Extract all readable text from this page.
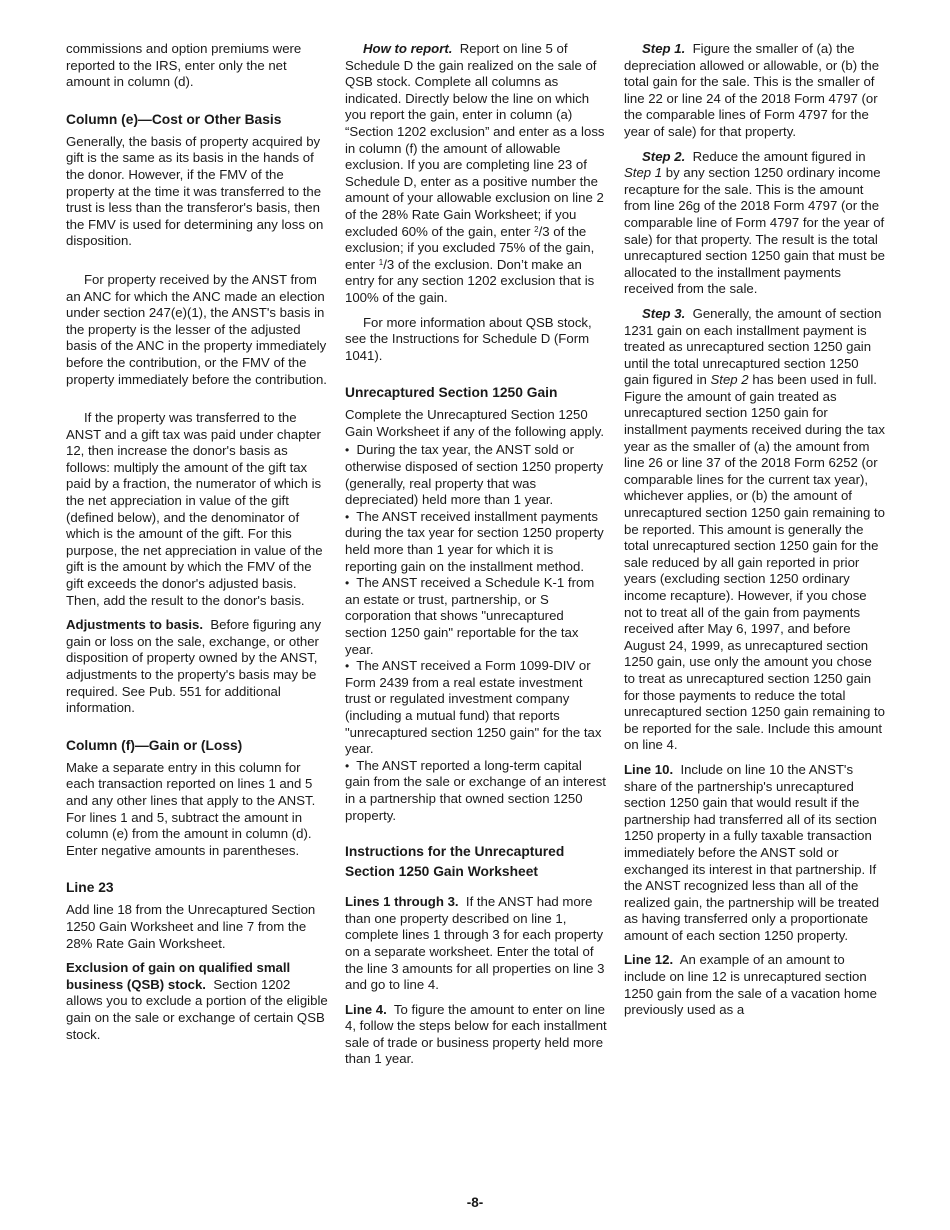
commissions and option premiums were reported to the IRS, enter only the net amount in column (d).

Column (e)—Cost or Other Basis

Generally, the basis of property acquired by gift is the same as its basis in the hands of the donor. However, if the FMV of the property at the time it was transferred to the trust is less than the transferor's basis, then the FMV is used for determining any loss on disposition.

For property received by the ANST from an ANC for which the ANC made an election under section 247(e)(1), the ANST's basis in the property is the lesser of the adjusted basis of the ANC in the property immediately before the contribution, or the FMV of the property immediately before the contribution.

If the property was transferred to the ANST and a gift tax was paid under chapter 12, then increase the donor's basis as follows: multiply the amount of the gift tax paid by a fraction, the numerator of which is the net appreciation in value of the gift (defined below), and the denominator of which is the amount of the gift. For this purpose, the net appreciation in value of the gift is the amount by which the FMV of the gift exceeds the donor's adjusted basis. Then, add the result to the donor's basis.

Adjustments to basis. Before figuring any gain or loss on the sale, exchange, or other disposition of property owned by the ANST, adjustments to the property's basis may be required. See Pub. 551 for additional information.

Column (f)—Gain or (Loss)

Make a separate entry in this column for each transaction reported on lines 1 and 5 and any other lines that apply to the ANST. For lines 1 and 5, subtract the amount in column (e) from the amount in column (d). Enter negative amounts in parentheses.

Line 23

Add line 18 from the Unrecaptured Section 1250 Gain Worksheet and line 7 from the 28% Rate Gain Worksheet.

Exclusion of gain on qualified small business (QSB) stock. Section 1202 allows you to exclude a portion of the eligible gain on the sale or exchange of certain QSB stock.

How to report. Report on line 5 of Schedule D the gain realized on the sale of QSB stock. Complete all columns as indicated. Directly below the line on which you report the gain, enter in column (a) “Section 1202 exclusion” and enter as a loss in column (f) the amount of allowable exclusion. If you are completing line 23 of Schedule D, enter as a positive number the amount of your allowable exclusion on line 2 of the 28% Rate Gain Worksheet; if you excluded 60% of the gain, enter $^2$/3 of the exclusion; if you excluded 75% of the gain, enter $^1$/3 of the exclusion. Don’t make an entry for any section 1202 exclusion that is 100% of the gain.

For more information about QSB stock, see the Instructions for Schedule D (Form 1041).

Unrecaptured Section 1250 Gain

Complete the Unrecaptured Section 1250 Gain Worksheet if any of the following apply.

• During the tax year, the ANST sold or otherwise disposed of section 1250 property (generally, real property that was depreciated) held more than 1 year.

• The ANST received installment payments during the tax year for section 1250 property held more than 1 year for which it is reporting gain on the installment method.

• The ANST received a Schedule K-1 from an estate or trust, partnership, or S corporation that shows "unrecaptured section 1250 gain" reportable for the tax year.

• The ANST received a Form 1099-DIV or Form 2439 from a real estate investment trust or regulated investment company (including a mutual fund) that reports "unrecaptured section 1250 gain" for the tax year.

• The ANST reported a long-term capital gain from the sale or exchange of an interest in a partnership that owned section 1250 property.

Instructions for the Unrecaptured Section 1250 Gain Worksheet

Lines 1 through 3. If the ANST had more than one property described on line 1, complete lines 1 through 3 for each property on a separate worksheet. Enter the total of the line 3 amounts for all properties on line 3 and go to line 4.

Line 4. To figure the amount to enter on line 4, follow the steps below for each installment sale of trade or business property held more than 1 year.

Step 1. Figure the smaller of (a) the depreciation allowed or allowable, or (b) the total gain for the sale. This is the smaller of line 22 or line 24 of the 2018 Form 4797 (or the comparable lines of Form 4797 for the year of sale) for that property.

Step 2. Reduce the amount figured in Step 1 by any section 1250 ordinary income recapture for the sale. This is the amount from line 26g of the 2018 Form 4797 (or the comparable line of Form 4797 for the year of sale) for that property. The result is the total unrecaptured section 1250 gain that must be allocated to the installment payments received from the sale.

Step 3. Generally, the amount of section 1231 gain on each installment payment is treated as unrecaptured section 1250 gain until the total unrecaptured section 1250 gain figured in Step 2 has been used in full. Figure the amount of gain treated as unrecaptured section 1250 gain for installment payments received during the tax year as the smaller of (a) the amount from line 26 or line 37 of the 2018 Form 6252 (or comparable lines for the current tax year), whichever applies, or (b) the amount of unrecaptured section 1250 gain remaining to be reported. This amount is generally the total unrecaptured section 1250 gain for the sale reduced by all gain reported in prior years (excluding section 1250 ordinary income recapture). However, if you chose not to treat all of the gain from payments received after May 6, 1997, and before August 24, 1999, as unrecaptured section 1250 gain, use only the amount you chose to treat as unrecaptured section 1250 gain for those payments to reduce the total unrecaptured section 1250 gain remaining to be reported for the sale. Include this amount on line 4.

Line 10. Include on line 10 the ANST's share of the partnership's unrecaptured section 1250 gain that would result if the partnership had transferred all of its section 1250 property in a fully taxable transaction immediately before the ANST sold or exchanged its interest in that partnership. If the ANST recognized less than all of the realized gain, the partnership will be treated as having transferred only a proportionate amount of each section 1250 property.

Line 12. An example of an amount to include on line 12 is unrecaptured section 1250 gain from the sale of a vacation home previously used as a

-8-
